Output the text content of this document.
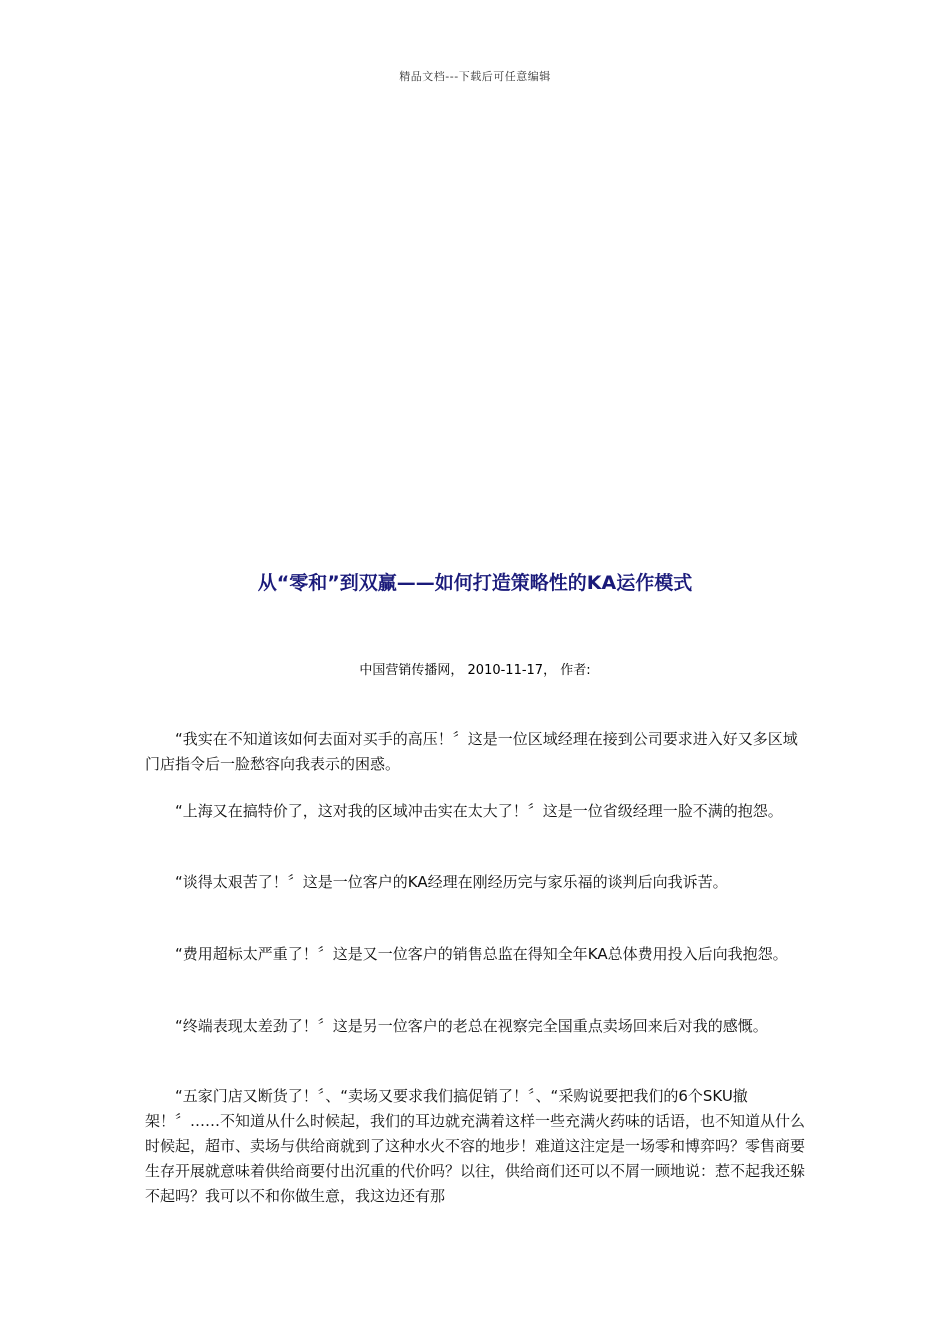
精品文档---下载后可任意编辑
从“零和”到双赢——如何打造策略性的KA运作模式
中国营销传播网， 2010-11-17， 作者:

“我实在不知道该如何去面对买手的高压！〞这是一位区域经理在接到公司要求进入好又多区域门店指令后一脸愁容向我表示的困惑。

“上海又在搞特价了，这对我的区域冲击实在太大了！〞这是一位省级经理一脸不满的抱怨。

“谈得太艰苦了！〞这是一位客户的KA经理在刚经历完与家乐福的谈判后向我诉苦。

“费用超标太严重了！〞这是又一位客户的销售总监在得知全年KA总体费用投入后向我抱怨。

“终端表现太差劲了！〞这是另一位客户的老总在视察完全国重点卖场回来后对我的感慨。

“五家门店又断货了！〞、“卖场又要求我们搞促销了！〞、“采购说要把我们的6个SKU撤架！〞……不知道从什么时候起，我们的耳边就充满着这样一些充满火药味的话语，也不知道从什么时候起，超市、卖场与供给商就到了这种水火不容的地步！难道这注定是一场零和博弈吗？零售商要生存开展就意味着供给商要付出沉重的代价吗？以往，供给商们还可以不屑一顾地说：惹不起我还躲不起吗？我可以不和你做生意，我这边还有那
